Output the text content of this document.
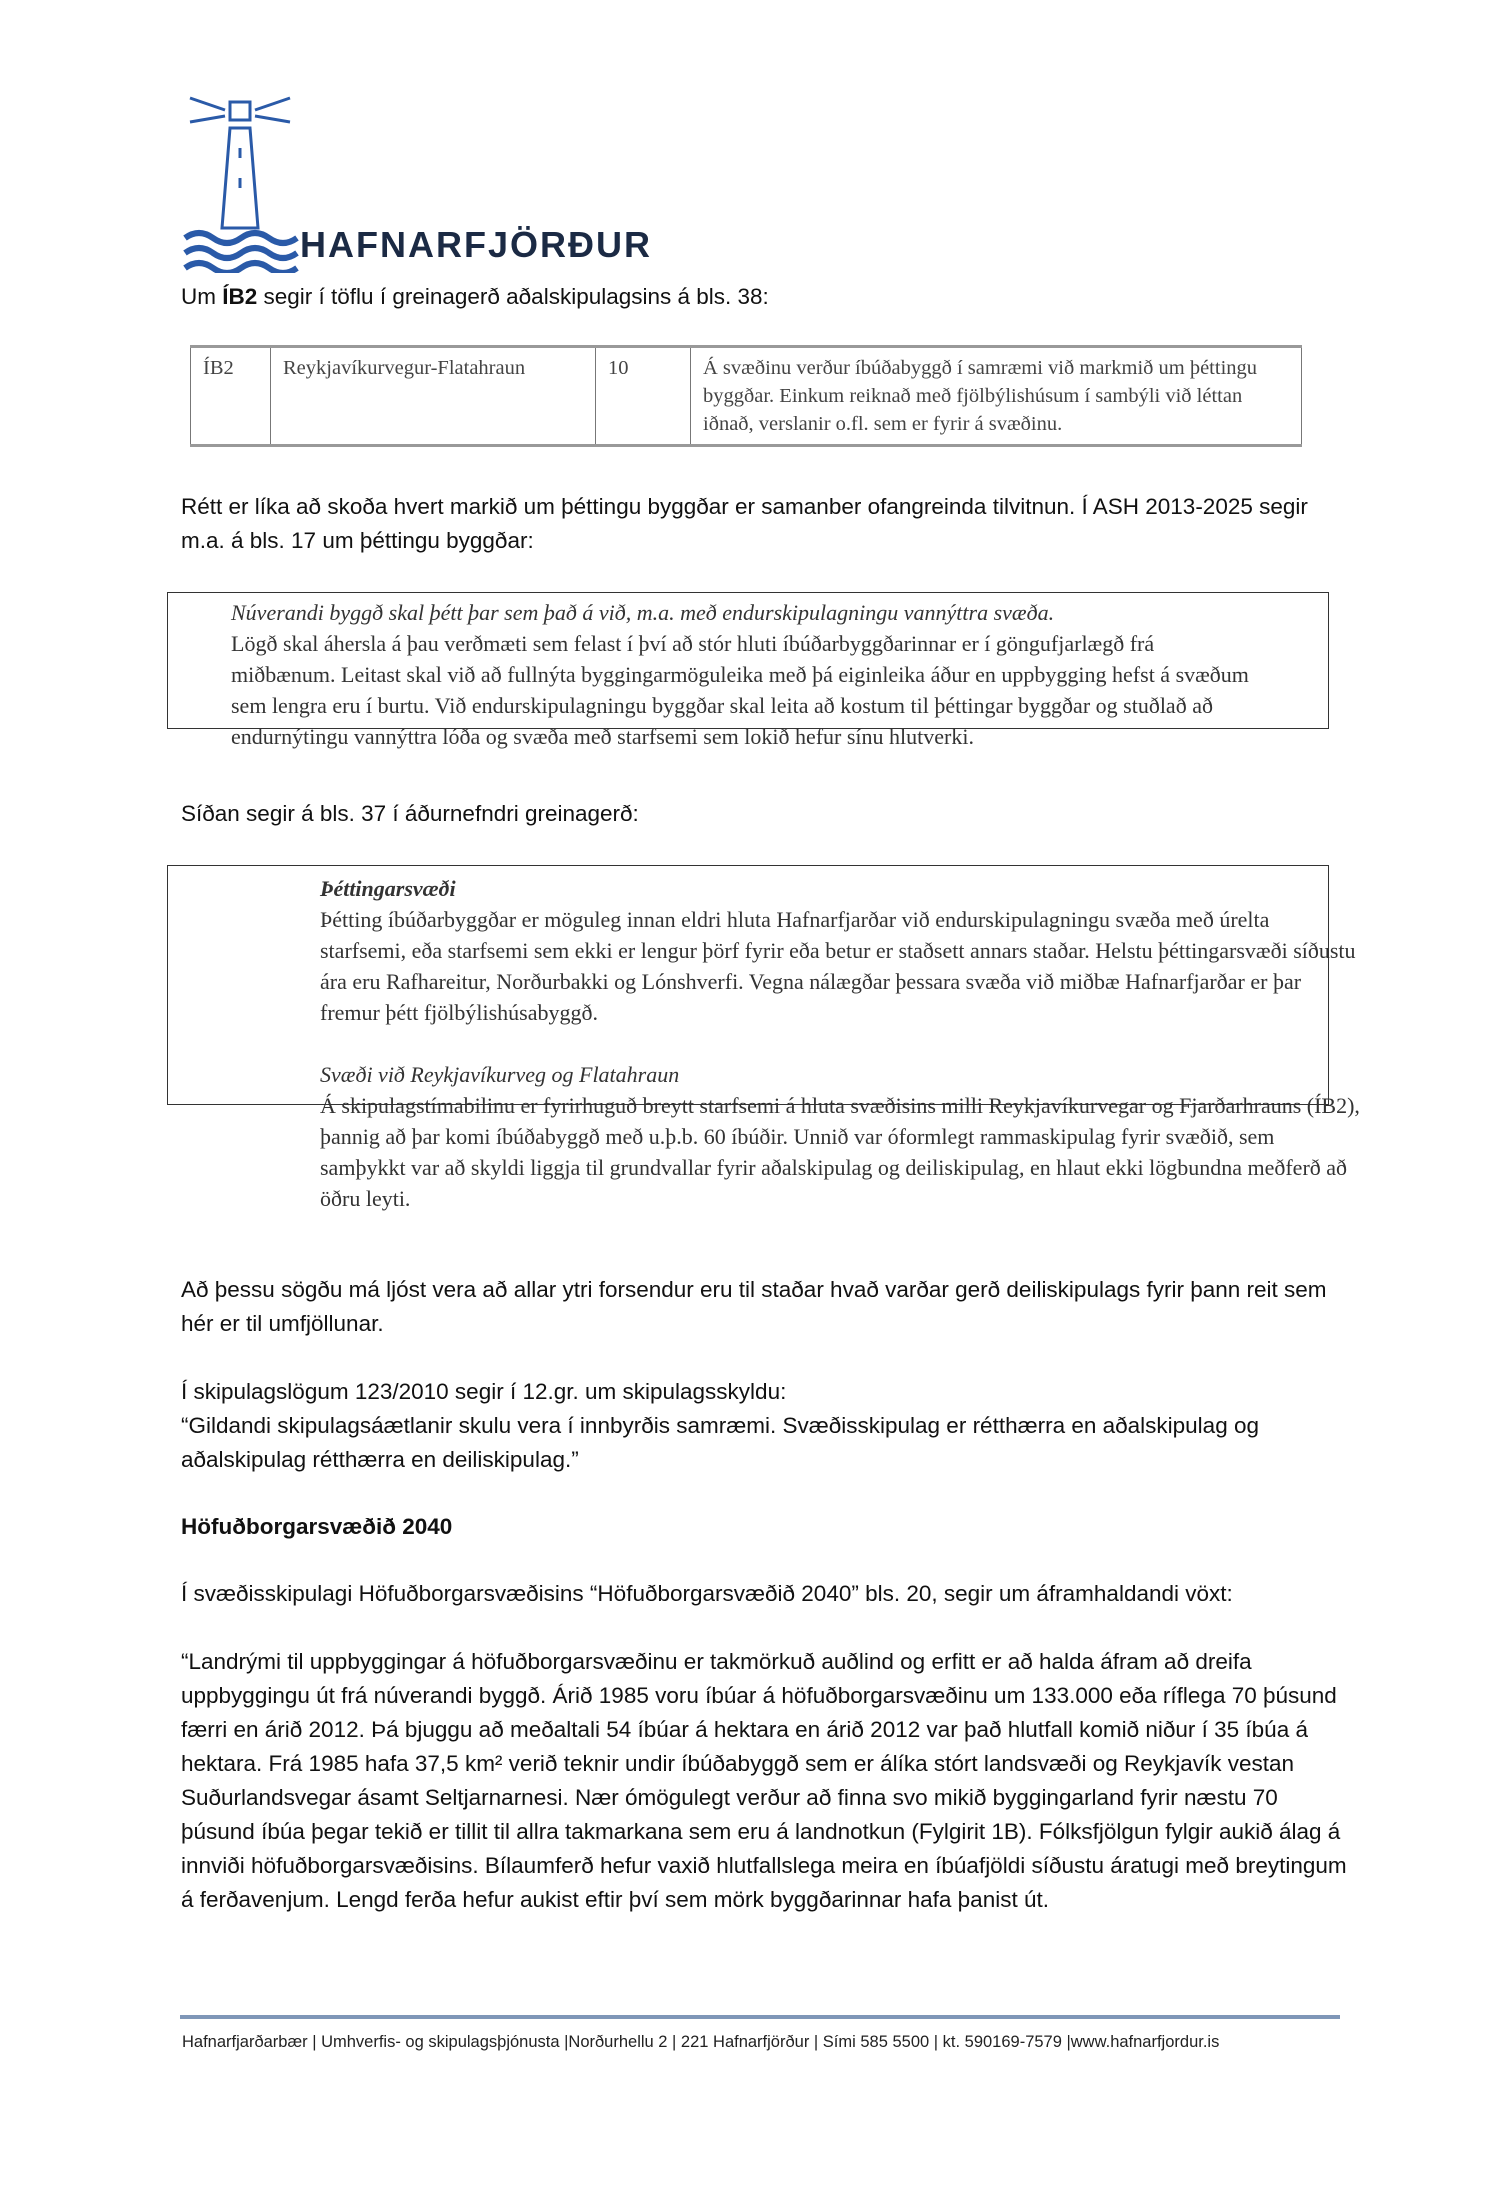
HAFNARFJÖRÐUR
Um ÍB2 segir í töflu í greinagerð aðalskipulagsins á bls. 38:
ÍB2	Reykjavíkurvegur-Flatahraun	10	Á svæðinu verður íbúðabyggð í samræmi við markmið um þéttingu byggðar. Einkum reiknað með fjölbýlishúsum í sambýli við léttan iðnað, verslanir o.fl. sem er fyrir á svæðinu.
Rétt er líka að skoða hvert markið um þéttingu byggðar er samanber ofangreinda tilvitnun. Í ASH 2013-2025 segir m.a. á bls. 17 um þéttingu byggðar:
Núverandi byggð skal þétt þar sem það á við, m.a. með endurskipulagningu vannýttra svæða.
Lögð skal áhersla á þau verðmæti sem felast í því að stór hluti íbúðarbyggðarinnar er í göngufjarlægð frá miðbænum. Leitast skal við að fullnýta byggingarmöguleika með þá eiginleika áður en uppbygging hefst á svæðum sem lengra eru í burtu. Við endurskipulagningu byggðar skal leita að kostum til þéttingar byggðar og stuðlað að endurnýtingu vannýttra lóða og svæða með starfsemi sem lokið hefur sínu hlutverki.
Síðan segir á bls. 37 í áðurnefndri greinagerð:
Þéttingarsvæði
Þétting íbúðarbyggðar er möguleg innan eldri hluta Hafnarfjarðar við endurskipulagningu svæða með úrelta starfsemi, eða starfsemi sem ekki er lengur þörf fyrir eða betur er staðsett annars staðar. Helstu þéttingarsvæði síðustu ára eru Rafhareitur, Norðurbakki og Lónshverfi. Vegna nálægðar þessara svæða við miðbæ Hafnarfjarðar er þar fremur þétt fjölbýlishúsabyggð.

Svæði við Reykjavíkurveg og Flatahraun
Á skipulagstímabilinu er fyrirhuguð breytt starfsemi á hluta svæðisins milli Reykjavíkurvegar og Fjarðarhrauns (ÍB2), þannig að þar komi íbúðabyggð með u.þ.b. 60 íbúðir. Unnið var óformlegt rammaskipulag fyrir svæðið, sem samþykkt var að skyldi liggja til grundvallar fyrir aðalskipulag og deiliskipulag, en hlaut ekki lögbundna meðferð að öðru leyti.
Að þessu sögðu má ljóst vera að allar ytri forsendur eru til staðar hvað varðar gerð deiliskipulags fyrir þann reit sem hér er til umfjöllunar.
Í skipulagslögum 123/2010 segir í 12.gr. um skipulagsskyldu:
“Gildandi skipulagsáætlanir skulu vera í innbyrðis samræmi. Svæðisskipulag er rétthærra en aðalskipulag og aðalskipulag rétthærra en deiliskipulag.”
Höfuðborgarsvæðið 2040
Í svæðisskipulagi Höfuðborgarsvæðisins “Höfuðborgarsvæðið 2040” bls. 20, segir um áframhaldandi vöxt:
“Landrými til uppbyggingar á höfuðborgarsvæðinu er takmörkuð auðlind og erfitt er að halda áfram að dreifa uppbyggingu út frá núverandi byggð. Árið 1985 voru íbúar á höfuðborgarsvæðinu um 133.000 eða ríflega 70 þúsund færri en árið 2012. Þá bjuggu að meðaltali 54 íbúar á hektara en árið 2012 var það hlutfall komið niður í 35 íbúa á hektara. Frá 1985 hafa 37,5 km² verið teknir undir íbúðabyggð sem er álíka stórt landsvæði og Reykjavík vestan Suðurlandsvegar ásamt Seltjarnarnesi. Nær ómögulegt verður að finna svo mikið byggingarland fyrir næstu 70 þúsund íbúa þegar tekið er tillit til allra takmarkana sem eru á landnotkun (Fylgirit 1B). Fólksfjölgun fylgir aukið álag á innviði höfuðborgarsvæðisins. Bílaumferð hefur vaxið hlutfallslega meira en íbúafjöldi síðustu áratugi með breytingum á ferðavenjum. Lengd ferða hefur aukist eftir því sem mörk byggðarinnar hafa þanist út.
Hafnarfjarðarbær | Umhverfis- og skipulagsþjónusta |Norðurhellu 2 | 221 Hafnarfjörður | Sími 585 5500 | kt. 590169-7579 |www.hafnarfjordur.is
